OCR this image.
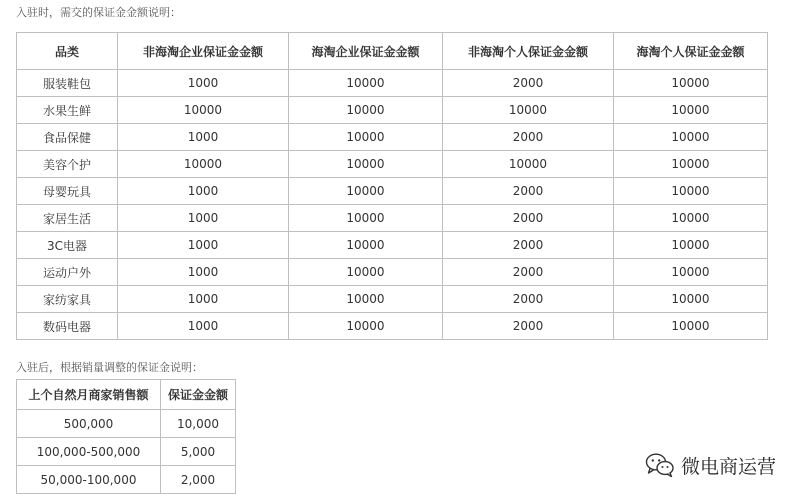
入驻时，需交的保证金金额说明：
品类	非海淘企业保证金金额	海淘企业保证金金额	非海淘个人保证金金额	海淘个人保证金金额
服装鞋包	1000	10000	2000	10000
水果生鲜	10000	10000	10000	10000
食品保健	1000	10000	2000	10000
美容个护	10000	10000	10000	10000
母婴玩具	1000	10000	2000	10000
家居生活	1000	10000	2000	10000
3C电器	1000	10000	2000	10000
运动户外	1000	10000	2000	10000
家纺家具	1000	10000	2000	10000
数码电器	1000	10000	2000	10000
入驻后，根据销量调整的保证金说明：
上个自然月商家销售额	保证金金额
500,000	10,000
100,000-500,000	5,000
50,000-100,000	2,000
微电商运营
